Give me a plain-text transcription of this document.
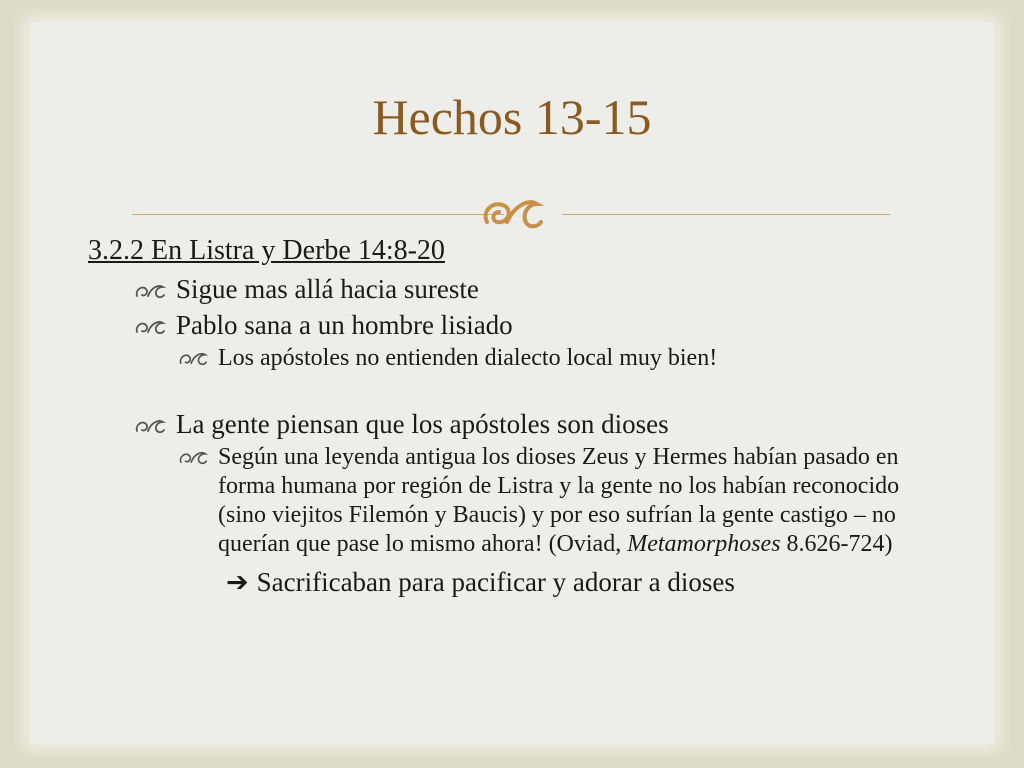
Hechos 13-15
3.2.2 En Listra y Derbe 14:8-20
Sigue mas allá hacia sureste
Pablo sana a un hombre lisiado
Los apóstoles no entienden dialecto local muy bien!
La gente piensan que los apóstoles son dioses
Según una leyenda antigua los dioses Zeus y Hermes habían pasado en forma humana por región de Listra y la gente no los habían reconocido (sino viejitos Filemón y Baucis) y por eso sufrían la gente castigo – no querían que pase lo mismo ahora! (Oviad, Metamorphoses 8.626-724)
➔ Sacrificaban para pacificar y adorar a dioses
